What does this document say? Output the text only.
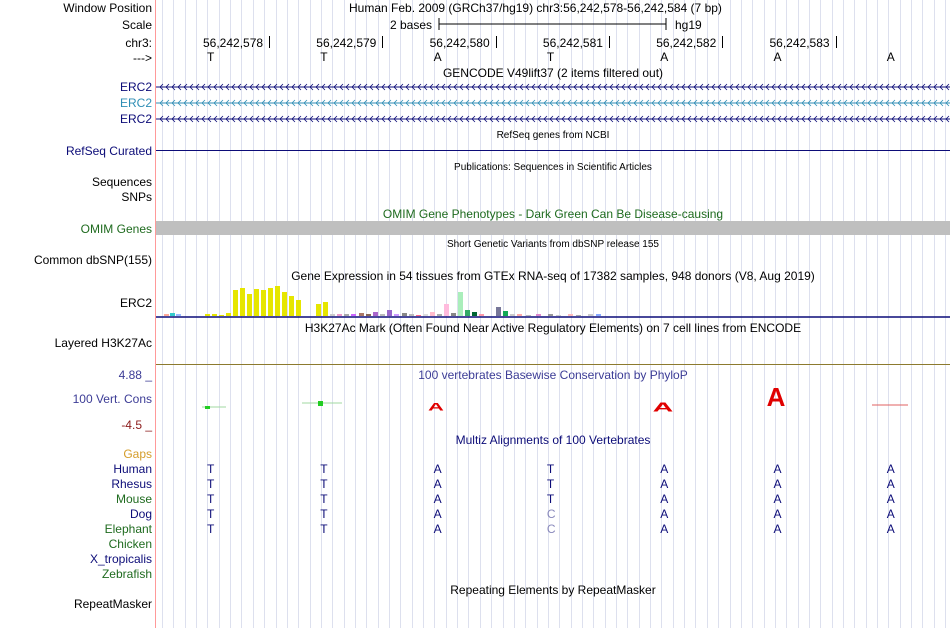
Window Position	Human Feb. 2009 (GRCh37/hg19) chr3:56,242,578-56,242,584 (7 bp)
Scale	2 bases	hg19
chr3:	56,242,578	56,242,579	56,242,580	56,242,581	56,242,582	56,242,583
--->	T	T	A	T	A	A	A
GENCODE V49lift37 (2 items filtered out)
ERC2
ERC2
ERC2
RefSeq genes from NCBI
RefSeq Curated
Publications: Sequences in Scientific Articles
Sequences
SNPs
OMIM Gene Phenotypes - Dark Green Can Be Disease-causing
OMIM Genes
Short Genetic Variants from dbSNP release 155
Common dbSNP(155)
Gene Expression in 54 tissues from GTEx RNA-seq of 17382 samples, 948 donors (V8, Aug 2019)
ERC2
H3K27Ac Mark (Often Found Near Active Regulatory Elements) on 7 cell lines from ENCODE
Layered H3K27Ac
100 vertebrates Basewise Conservation by PhyloP
4.88 _
100 Vert. Cons
-4.5 _
A	A	A
Multiz Alignments of 100 Vertebrates
Gaps
Human	T	T	A	T	A	A	A
Rhesus	T	T	A	T	A	A	A
Mouse	T	T	A	T	A	A	A
Dog	T	T	A	C	A	A	A
Elephant	T	T	A	C	A	A	A
Chicken
X_tropicalis
Zebrafish
Repeating Elements by RepeatMasker
RepeatMasker
